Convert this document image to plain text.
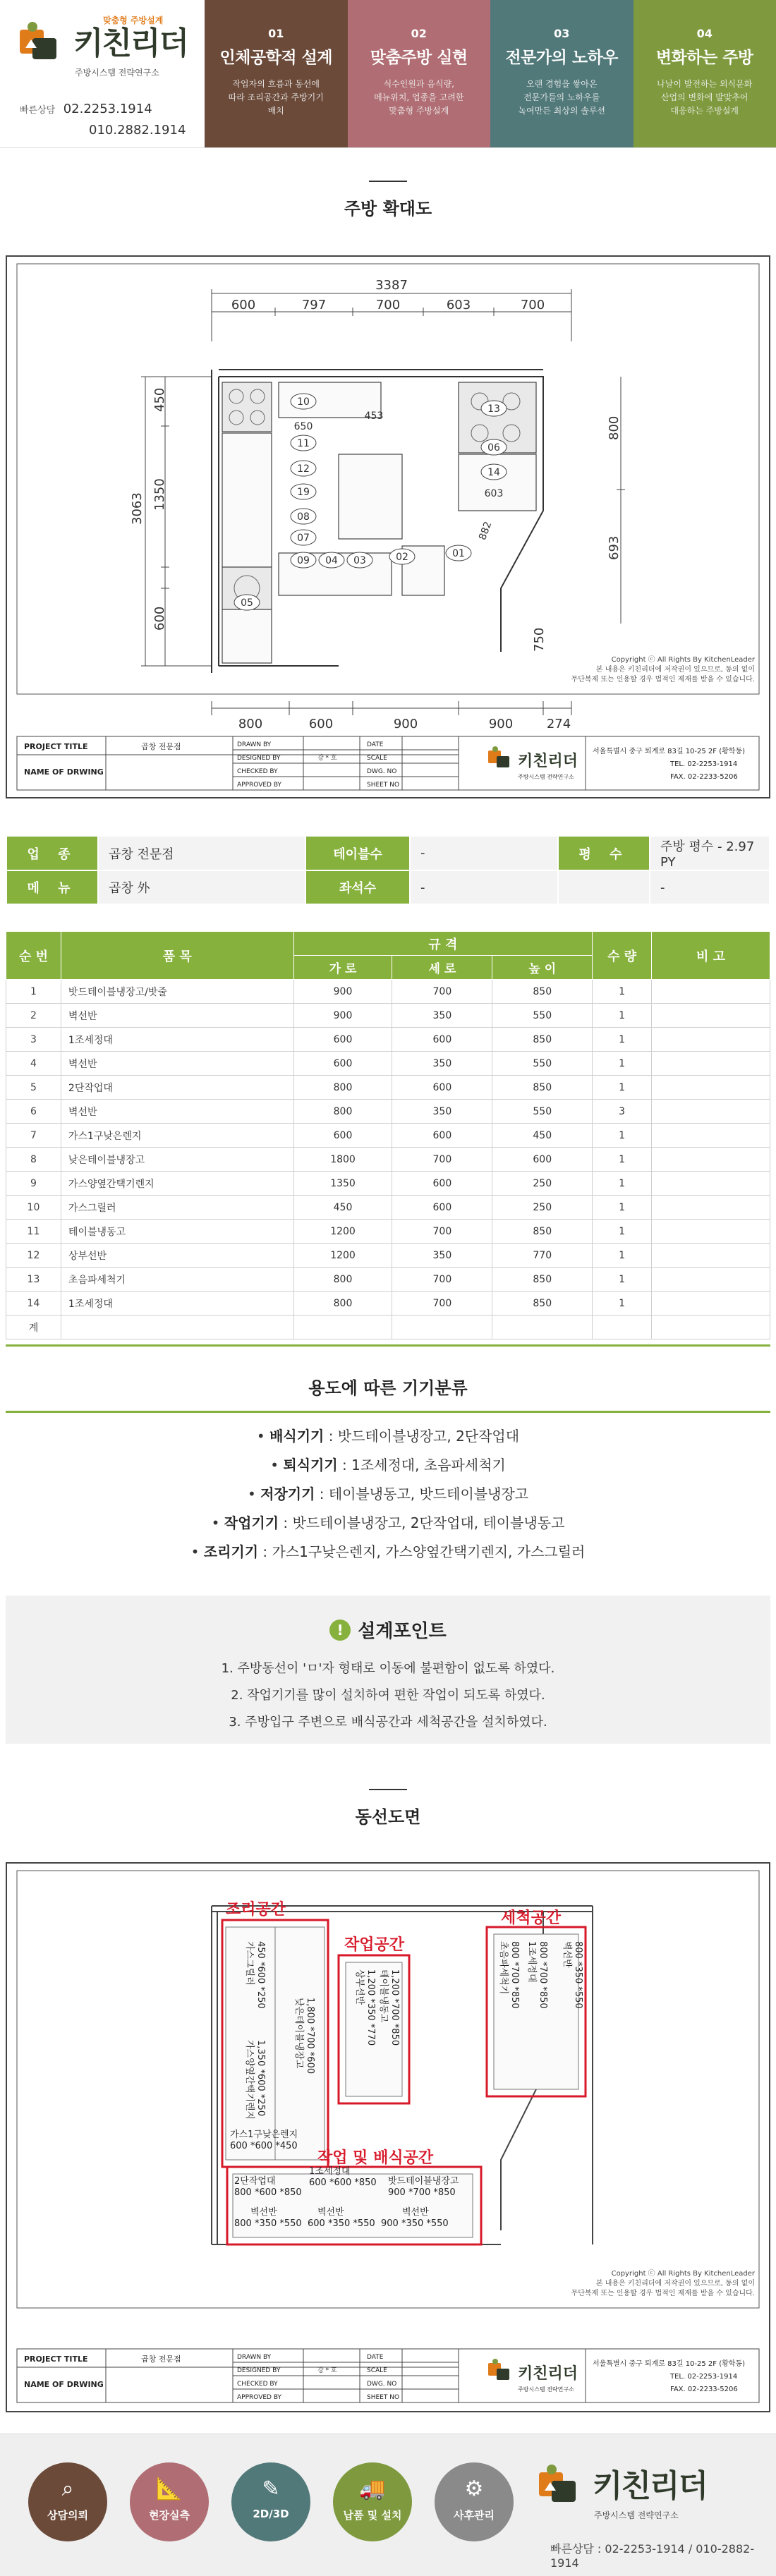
키친리더
맞춤형 주방설계
주방시스템 전략연구소
빠른상담 02.2253.1914
010.2882.1914
01
인체공학적 설계
작업자의 흐름과 동선에
따라 조리공간과 주방기기
배치
02
맞춤주방 실현
식수인원과 음식량,
메뉴위치, 업종을 고려한
맞춤형 주방설계
03
전문가의 노하우
오랜 경험을 쌓아온
전문가들의 노하우를
녹여만든 최상의 솔루션
04
변화하는 주방
나날이 발전하는 외식문화
산업의 변화에 발맞추어
대응하는 주방설계
주방 확대도
3387
600	797	700	603	700
800	600	900	900	274
3063
450
1350
600
800
693
750
10
650
453
11
12
13
06
14
603
19
08
07
09 04 03	02	01
05
882
Copyright ⓒ All Rights By KitchenLeader
본 내용은 키친리더에 저작권이 있으므로, 동의 없이
무단복제 또는 인용할 경우 법적인 제재를 받을 수 있습니다.
PROJECT TITLE
NAME OF DRWING
곱창 전문점	DRAWN BY
DESIGNED BY
CHECKED BY
APPROVED BY
강 * 호
DATE
SCALE
DWG. NO
SHEET NO
키친리더
주방시스템 전략연구소
서울특별시 중구 퇴계로 83길 10-25 2F (황학동)
TEL. 02-2253-1914
FAX. 02-2233-5206
업 종	곱창 전문점	테이블수	-	평 수	주방 평수 - 2.97 PY
메 뉴	곱창 外	좌석수	-		-
순 번	품 목	규 격			수 량	비 고
		가 로	세 로	높 이		
1	밧드테이블냉장고/밧줄	900	700	850	1	
2	벽선반	900	350	550	1	
3	1조세정대	600	600	850	1	
4	벽선반	600	350	550	1	
5	2단작업대	800	600	850	1	
6	벽선반	800	350	550	3	
7	가스1구낮은렌지	600	600	450	1	
8	낮은테이블냉장고	1800	700	600	1	
9	가스양옆간택기렌지	1350	600	250	1	
10	가스그릴러	450	600	250	1	
11	테이블냉동고	1200	700	850	1	
12	상부선반	1200	350	770	1	
13	초음파세척기	800	700	850	1	
14	1조세정대	800	700	850	1	
계						
용도에 따른 기기분류
• 배식기기 : 밧드테이블냉장고, 2단작업대
• 퇴식기기 : 1조세정대, 초음파세척기
• 저장기기 : 테이블냉동고, 밧드테이블냉장고
• 작업기기 : 밧드테이블냉장고, 2단작업대, 테이블냉동고
• 조리기기 : 가스1구낮은렌지, 가스양옆간택기렌지, 가스그릴러
! 설계포인트
1. 주방동선이 'ㅁ'자 형태로 이동에 불편함이 없도록 하였다.
2. 작업기기를 많이 설치하여 편한 작업이 되도록 하였다.
3. 주방입구 주변으로 배식공간과 세척공간을 설치하였다.
동선도면
조리공간
작업공간
세척공간
작업 및 배식공간
가스그릴러 450 *600 *250
가스양옆간택기렌지 1,350 *600 *250
가스1구낮은렌지
600 *600 *450
상부선반 1,200 *350 *770 테이블냉동고 1,200 *700 *850
낮은테이블냉장고 1,800 *700 *600
벽선반 800 *350 *550
1조세정대 800 *700 *850
초음파세척기 800 *700 *850
2단작업대
800 *600 *850
1조세정대
600 *600 *850 밧드테이블냉장고
900 *700 *850
벽선반
800 *350 *550
벽선반
600 *350 *550
벽선반
900 *350 *550
Copyright ⓒ All Rights By KitchenLeader
본 내용은 키친리더에 저작권이 있으므로, 동의 없이
무단복제 또는 인용할 경우 법적인 제재를 받을 수 있습니다.
PROJECT TITLE
NAME OF DRWING
곱창 전문점	DRAWN BY
DESIGNED BY
CHECKED BY
APPROVED BY
강 * 호
DATE
SCALE
DWG. NO
SHEET NO
키친리더
주방시스템 전략연구소
서울특별시 중구 퇴계로 83길 10-25 2F (황학동)
TEL. 02-2253-1914
FAX. 02-2233-5206
⌕
상담의뢰
📐
현장실측
✎
2D/3D
🚚
납품 및 설치
⚙
사후관리
키친리더
주방시스템 전략연구소
빠른상담 : 02-2253-1914 / 010-2882-1914
